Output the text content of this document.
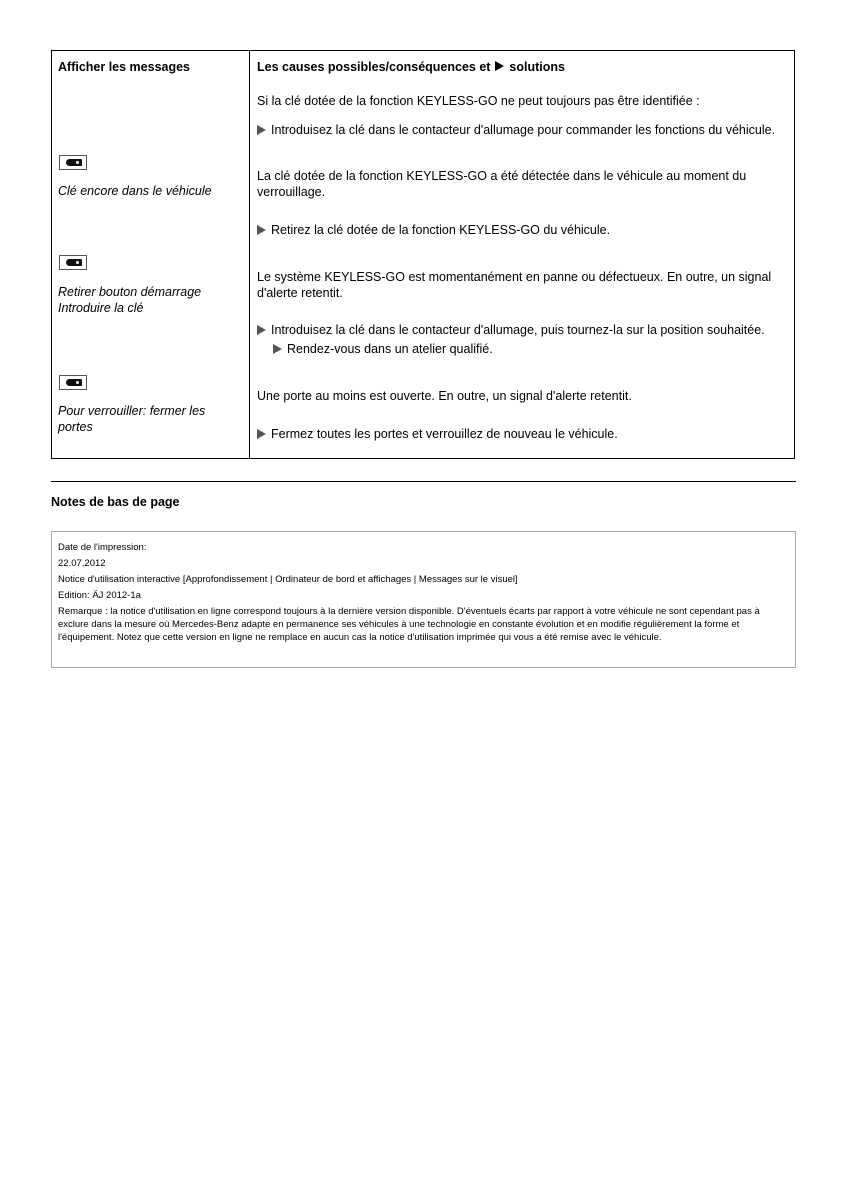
Afficher les messages	Les causes possibles/conséquences et solutions
Si la clé dotée de la fonction KEYLESS-GO ne peut toujours pas être identifiée :
Introduisez la clé dans le contacteur d'allumage pour commander les fonctions du véhicule.
Clé encore dans le véhicule
La clé dotée de la fonction KEYLESS-GO a été détectée dans le véhicule au moment du verrouillage.
Retirez la clé dotée de la fonction KEYLESS-GO du véhicule.
Retirer bouton démarrage
Introduire la clé
Le système KEYLESS-GO est momentanément en panne ou défectueux. En outre, un signal d'alerte retentit.
Introduisez la clé dans le contacteur d'allumage, puis tournez-la sur la position souhaitée.
Rendez-vous dans un atelier qualifié.
Pour verrouiller: fermer les portes
Une porte au moins est ouverte. En outre, un signal d'alerte retentit.
Fermez toutes les portes et verrouillez de nouveau le véhicule.
Notes de bas de page
Date de l'impression:
22.07.2012
Notice d'utilisation interactive [Approfondissement | Ordinateur de bord et affichages | Messages sur le visuel]
Edition: ÄJ 2012-1a
Remarque : la notice d'utilisation en ligne correspond toujours à la dernière version disponible. D'éventuels écarts par rapport à votre véhicule ne sont cependant pas à exclure dans la mesure où Mercedes-Benz adapte en permanence ses véhicules à une technologie en constante évolution et en modifie régulièrement la forme et l'équipement. Notez que cette version en ligne ne remplace en aucun cas la notice d'utilisation imprimée qui vous a été remise avec le véhicule.
